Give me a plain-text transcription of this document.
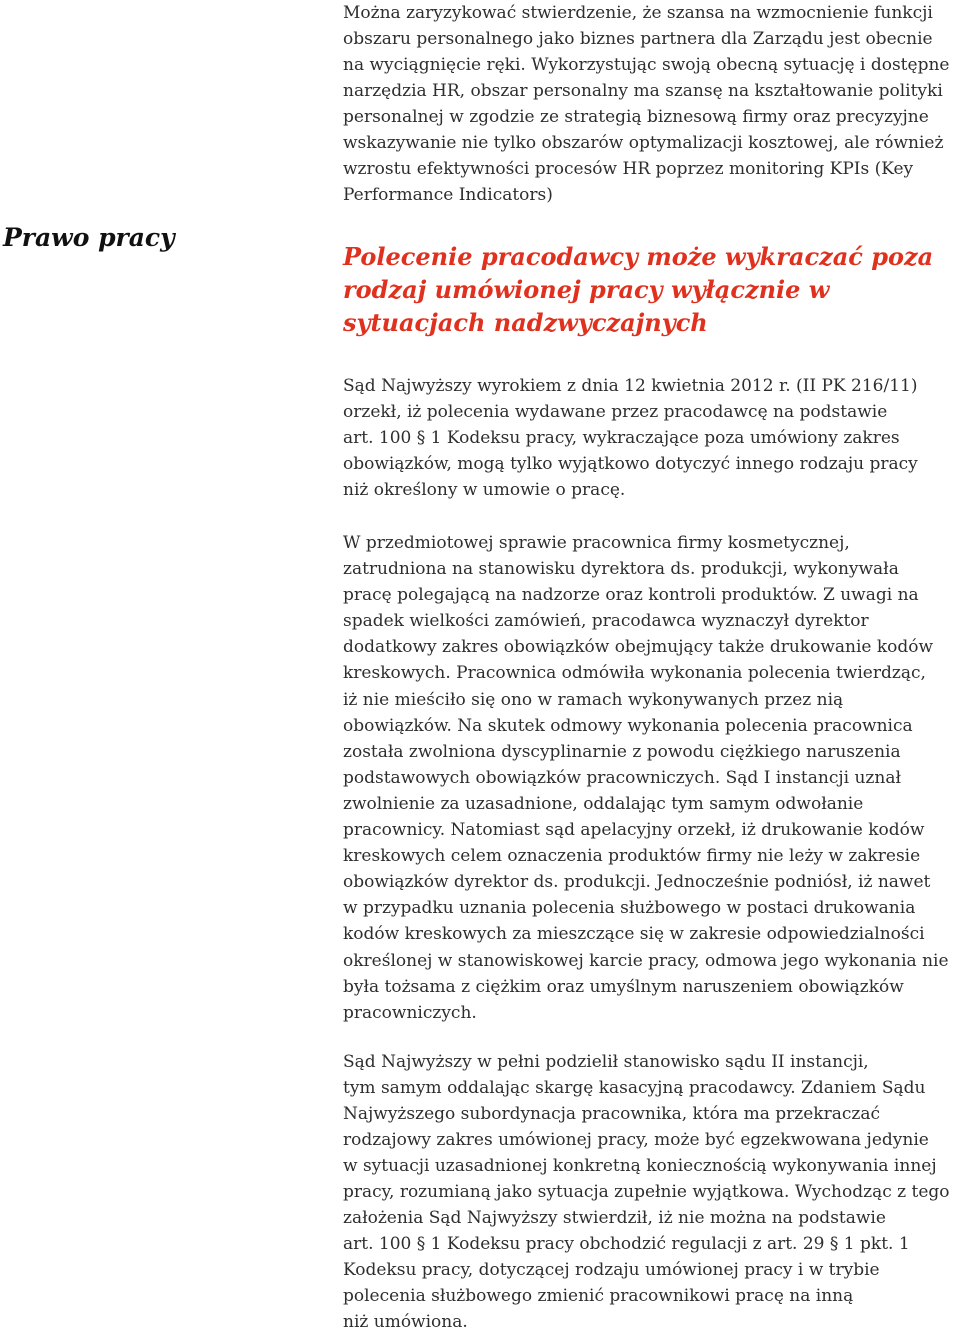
Prawo pracy
Można zaryzykować stwierdzenie, że szansa na wzmocnienie funkcji
obszaru personalnego jako biznes partnera dla Zarządu jest obecnie
na wyciągnięcie ręki. Wykorzystując swoją obecną sytuację i dostępne
narzędzia HR, obszar personalny ma szansę na kształtowanie polityki
personalnej w zgodzie ze strategią biznesową firmy oraz precyzyjne
wskazywanie nie tylko obszarów optymalizacji kosztowej, ale również
wzrostu efektywności procesów HR poprzez monitoring KPIs (Key
Performance Indicators)
Polecenie pracodawcy może wykraczać poza
rodzaj umówionej pracy wyłącznie w
sytuacjach nadzwyczajnych
Sąd Najwyższy wyrokiem z dnia 12 kwietnia 2012 r. (II PK 216/11)
orzekł, iż polecenia wydawane przez pracodawcę na podstawie
art. 100 § 1 Kodeksu pracy, wykraczające poza umówiony zakres
obowiązków, mogą tylko wyjątkowo dotyczyć innego rodzaju pracy
niż określony w umowie o pracę.
W przedmiotowej sprawie pracownica firmy kosmetycznej,
zatrudniona na stanowisku dyrektora ds. produkcji, wykonywała
pracę polegającą na nadzorze oraz kontroli produktów. Z uwagi na
spadek wielkości zamówień, pracodawca wyznaczył dyrektor
dodatkowy zakres obowiązków obejmujący także drukowanie kodów
kreskowych. Pracownica odmówiła wykonania polecenia twierdząc,
iż nie mieściło się ono w ramach wykonywanych przez nią
obowiązków. Na skutek odmowy wykonania polecenia pracownica
została zwolniona dyscyplinarnie z powodu ciężkiego naruszenia
podstawowych obowiązków pracowniczych. Sąd I instancji uznał
zwolnienie za uzasadnione, oddalając tym samym odwołanie
pracownicy. Natomiast sąd apelacyjny orzekł, iż drukowanie kodów
kreskowych celem oznaczenia produktów firmy nie leży w zakresie
obowiązków dyrektor ds. produkcji. Jednocześnie podniósł, iż nawet
w przypadku uznania polecenia służbowego w postaci drukowania
kodów kreskowych za mieszczące się w zakresie odpowiedzialności
określonej w stanowiskowej karcie pracy, odmowa jego wykonania nie
była tożsama z ciężkim oraz umyślnym naruszeniem obowiązków
pracowniczych.
Sąd Najwyższy w pełni podzielił stanowisko sądu II instancji,
tym samym oddalając skargę kasacyjną pracodawcy. Zdaniem Sądu
Najwyższego subordynacja pracownika, która ma przekraczać
rodzajowy zakres umówionej pracy, może być egzekwowana jedynie
w sytuacji uzasadnionej konkretną koniecznością wykonywania innej
pracy, rozumianą jako sytuacja zupełnie wyjątkowa. Wychodząc z tego
założenia Sąd Najwyższy stwierdził, iż nie można na podstawie
art. 100 § 1 Kodeksu pracy obchodzić regulacji z art. 29 § 1 pkt. 1
Kodeksu pracy, dotyczącej rodzaju umówionej pracy i w trybie
polecenia służbowego zmienić pracownikowi pracę na inną
niż umówiona.
